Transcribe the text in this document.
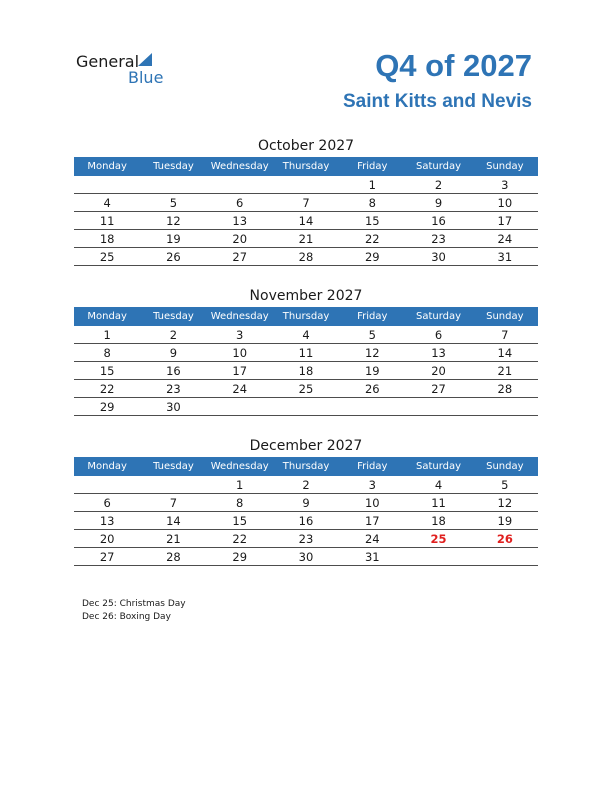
General
Blue	Q4 of 2027
Saint Kitts and Nevis
October 2027
Monday	Tuesday	Wednesday	Thursday	Friday	Saturday	Sunday
				1	2	3
4	5	6	7	8	9	10
11	12	13	14	15	16	17
18	19	20	21	22	23	24
25	26	27	28	29	30	31
November 2027
Monday	Tuesday	Wednesday	Thursday	Friday	Saturday	Sunday
1	2	3	4	5	6	7
8	9	10	11	12	13	14
15	16	17	18	19	20	21
22	23	24	25	26	27	28
29	30					
December 2027
Monday	Tuesday	Wednesday	Thursday	Friday	Saturday	Sunday
		1	2	3	4	5
6	7	8	9	10	11	12
13	14	15	16	17	18	19
20	21	22	23	24	25	26
27	28	29	30	31		
Dec 25: Christmas Day
Dec 26: Boxing Day
